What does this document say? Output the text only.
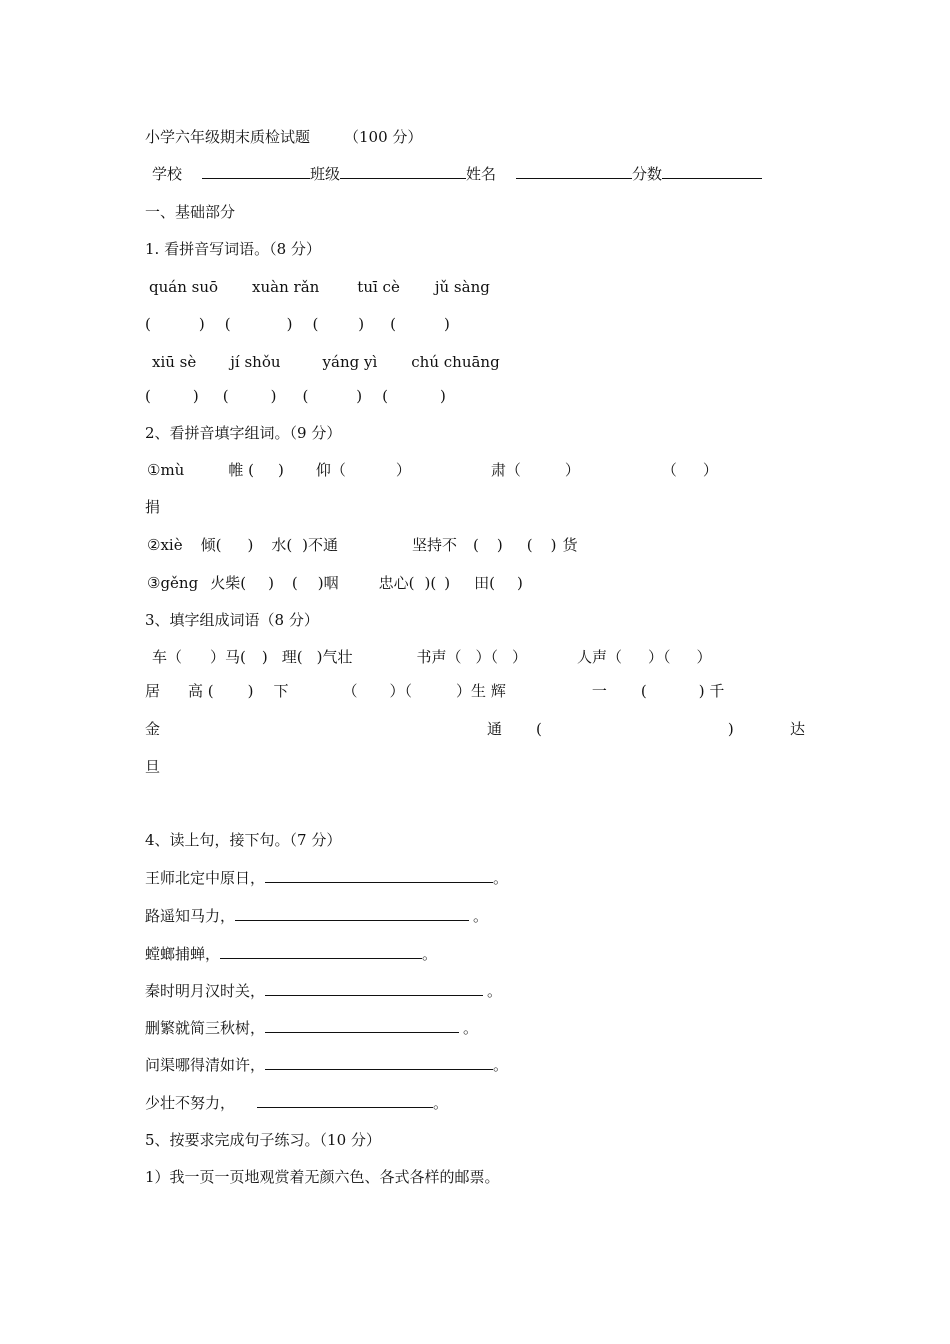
小学六年级期末质检试题 （100 分）
学校	班级	姓名	分数
一、基础部分
1. 看拼音写词语。（8 分）
quán suō xuàn rǎn	tuī cè jǔ sàng
(	) (	) (	) (	)
xiū sè jí shǒu	yáng yì chú chuāng
(	) (	) (	) (	)
2、看拼音填字组词。（9 分）
①mù	帷 ( ) 仰（	）	肃（	）	（ ）
捐
②xiè 倾( ) 水( )不通	坚持不 ( ) ( ) 货
③gěng 火柴( ) ( )咽	忠心( )( ) 田( )
3、填字组成词语（8 分）
车（ ）马( ) 理( )气壮	书声（ ）（ ）	人声（ ）（ ）
居 高 ( ) 下	（ ）（	）生 辉	一 (	) 千
金	通 (	)	达
旦
4、读上句，接下句。（7 分）
王师北定中原日，	。
路遥知马力，	。
螳螂捕蝉，	。
秦时明月汉时关，	。
删繁就简三秋树，	。
问渠哪得清如许，	。
少壮不努力，	。
5、按要求完成句子练习。（10 分）
1）我一页一页地观赏着无颜六色、各式各样的邮票。
